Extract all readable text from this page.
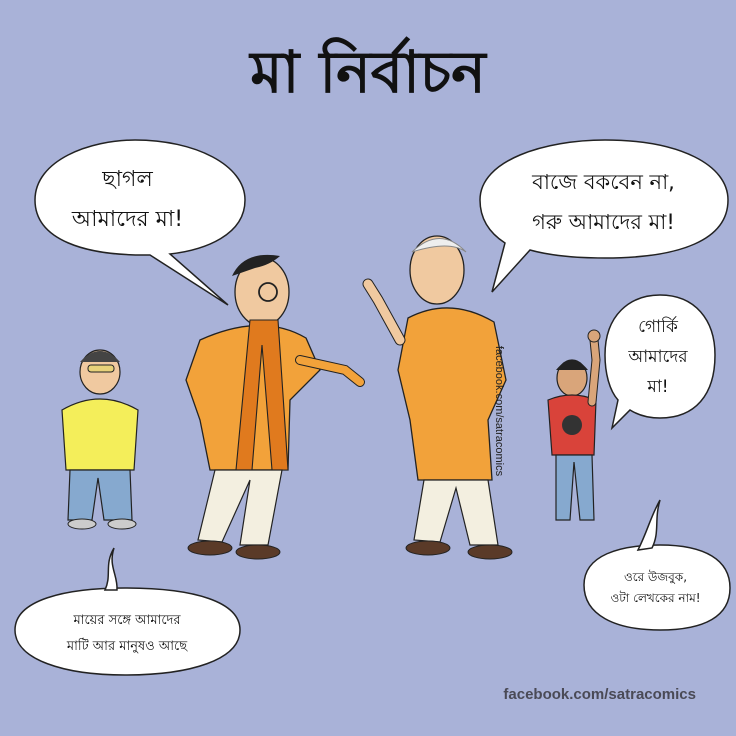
মা নির্বাচন
ছাগল
আমাদের মা!
বাজে বকবেন না,
গরু আমাদের মা!
গোর্কি
আমাদের
মা!
মায়ের সঙ্গে আমাদের
মাটি আর মানুষও আছে
ওরে উজবুক,
ওটা লেখকের নাম!
facebook.com/satracomics
facebook.com/satracomics
